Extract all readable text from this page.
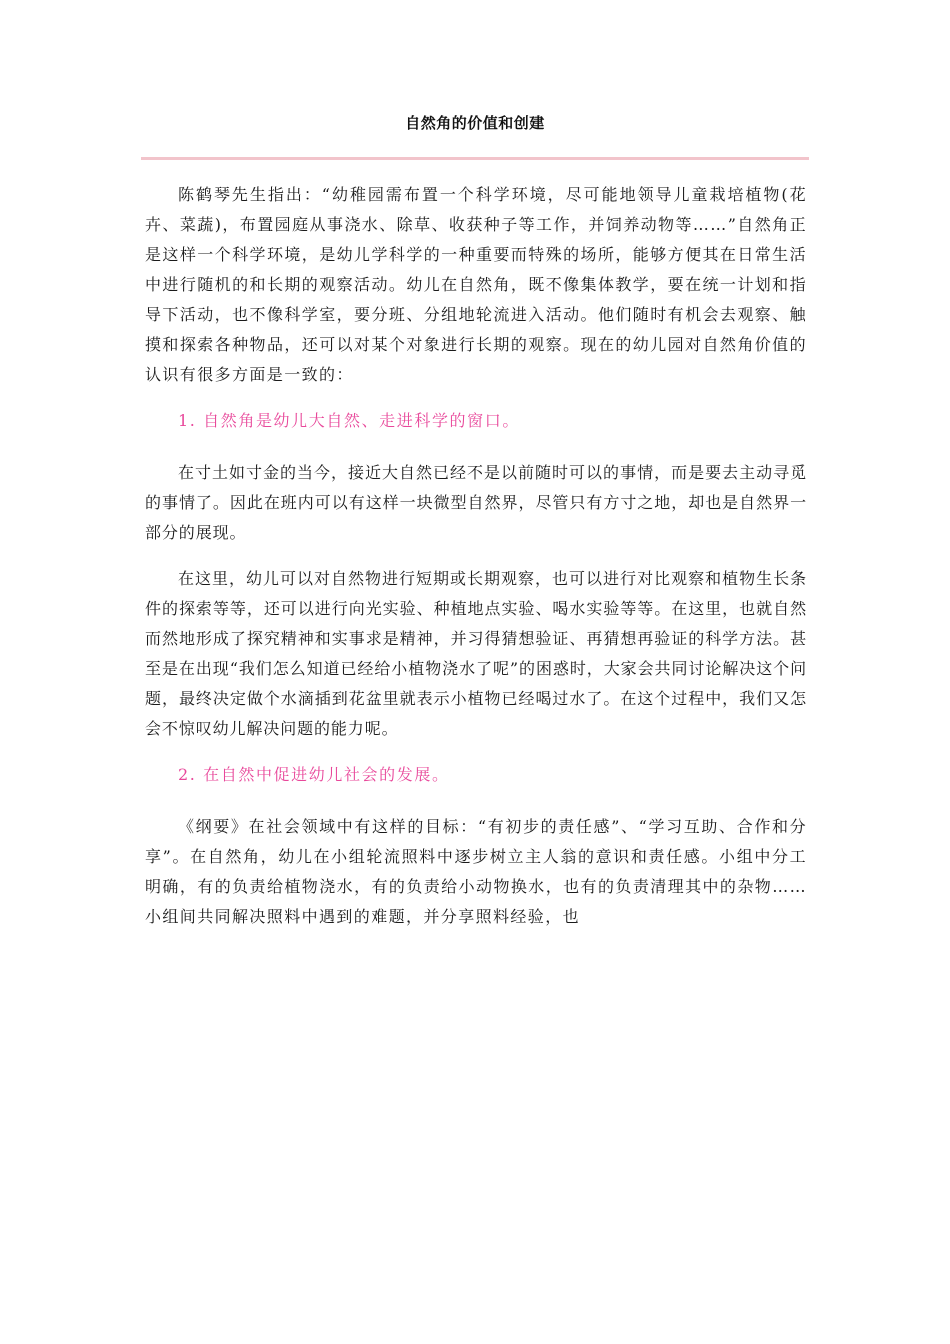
自然角的价值和创建

陈鹤琴先生指出：“幼稚园需布置一个科学环境，尽可能地领导儿童栽培植物(花卉、菜蔬)，布置园庭从事浇水、除草、收获种子等工作，并饲养动物等……”自然角正是这样一个科学环境，是幼儿学科学的一种重要而特殊的场所，能够方便其在日常生活中进行随机的和长期的观察活动。幼儿在自然角，既不像集体教学，要在统一计划和指导下活动，也不像科学室，要分班、分组地轮流进入活动。他们随时有机会去观察、触摸和探索各种物品，还可以对某个对象进行长期的观察。现在的幼儿园对自然角价值的认识有很多方面是一致的：

1. 自然角是幼儿大自然、走进科学的窗口。

在寸土如寸金的当今，接近大自然已经不是以前随时可以的事情，而是要去主动寻觅的事情了。因此在班内可以有这样一块微型自然界，尽管只有方寸之地，却也是自然界一部分的展现。

在这里，幼儿可以对自然物进行短期或长期观察，也可以进行对比观察和植物生长条件的探索等等，还可以进行向光实验、种植地点实验、喝水实验等等。在这里，也就自然而然地形成了探究精神和实事求是精神，并习得猜想验证、再猜想再验证的科学方法。甚至是在出现“我们怎么知道已经给小植物浇水了呢”的困惑时，大家会共同讨论解决这个问题，最终决定做个水滴插到花盆里就表示小植物已经喝过水了。在这个过程中，我们又怎会不惊叹幼儿解决问题的能力呢。

2. 在自然中促进幼儿社会的发展。

《纲要》在社会领域中有这样的目标：“有初步的责任感”、“学习互助、合作和分享”。在自然角，幼儿在小组轮流照料中逐步树立主人翁的意识和责任感。小组中分工明确，有的负责给植物浇水，有的负责给小动物换水，也有的负责清理其中的杂物……小组间共同解决照料中遇到的难题，并分享照料经验，也
